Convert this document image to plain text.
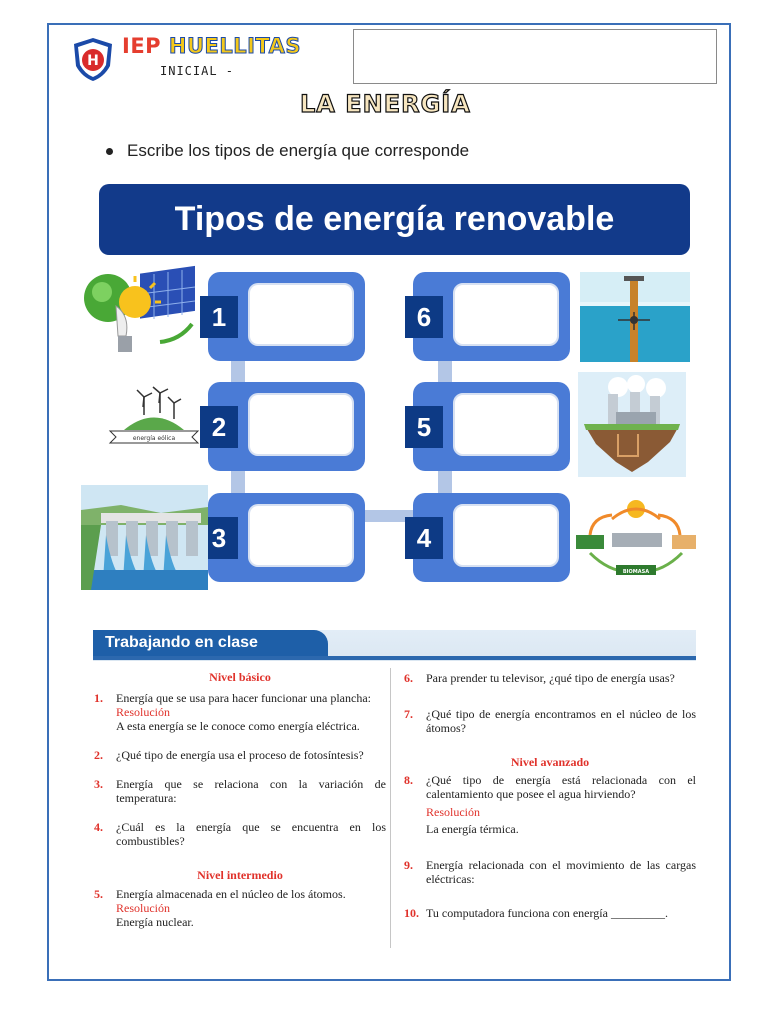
H
IEP HUELLITAS
INICIAL -
LA ENERGÍA
Escribe los tipos de energía que corresponde
Tipos de energía renovable
1
2
3
6
5
4
energía eólica
BIOMASA
Trabajando en clase
Nivel básico
1.	Energía que se usa para hacer funcionar una plancha:
Resolución
A esta energía se le conoce como energía eléctrica.
2.	¿Qué tipo de energía usa el proceso de fotosíntesis?
3.	Energía que se relaciona con la variación de temperatura:
4.	¿Cuál es la energía que se encuentra en los combustibles?
Nivel intermedio
5.	Energía almacenada en el núcleo de los átomos.
Resolución
Energía nuclear.
6.	Para prender tu televisor, ¿qué tipo de energía usas?
7.	¿Qué tipo de energía encontramos en el núcleo de los átomos?
Nivel avanzado
8.	¿Qué tipo de energía está relacionada con el calentamiento que posee el agua hirviendo?
Resolución
La energía térmica.
9.	Energía relacionada con el movimiento de las cargas eléctricas:
10. Tu computadora funciona con energía _________.
